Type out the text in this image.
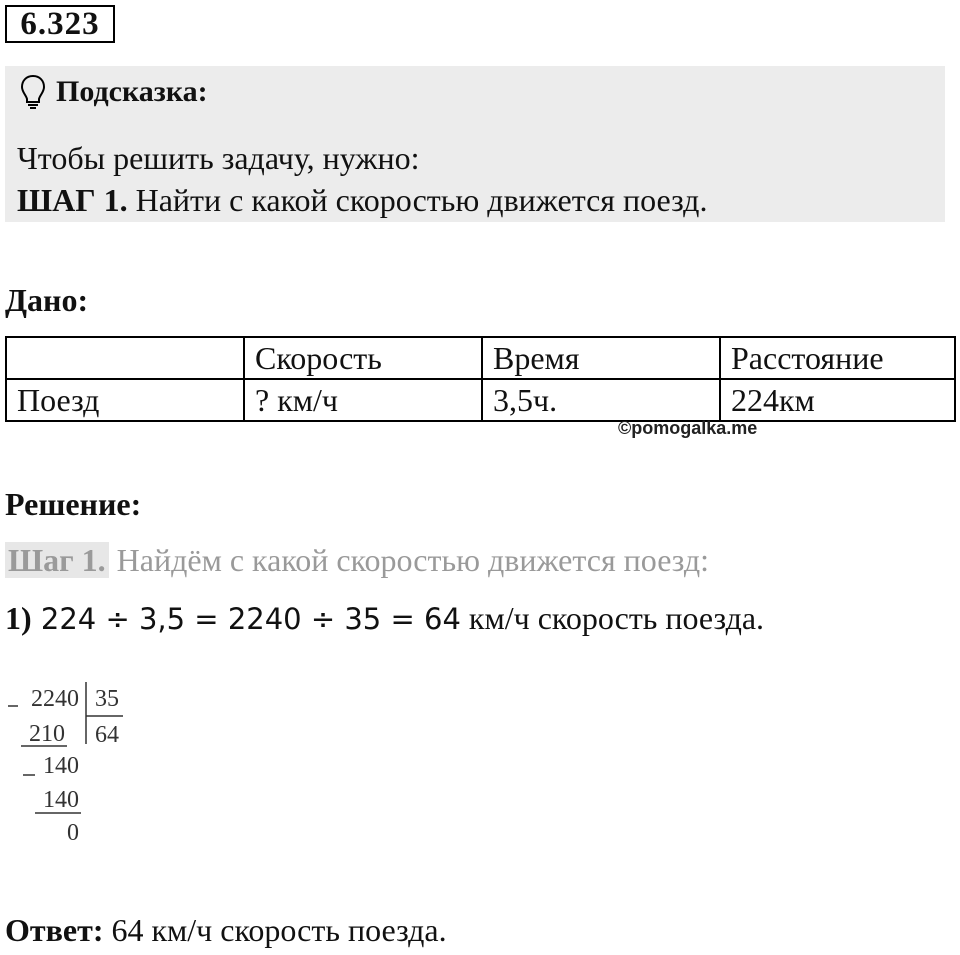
6.323
Подсказка:
Чтобы решить задачу, нужно:
ШАГ 1. Найти с какой скоростью движется поезд.
Дано:
	Скорость	Время	Расстояние
Поезд	? км/ч	3,5ч.	224км
©pomogalka.me
Решение:
Шаг 1. Найдём с какой скоростью движется поезд:
1) 224 ÷ 3,5 = 2240 ÷ 35 = 64 км/ч скорость поезда.
2240 35
64
210
140
140
0
Ответ: 64 км/ч скорость поезда.
